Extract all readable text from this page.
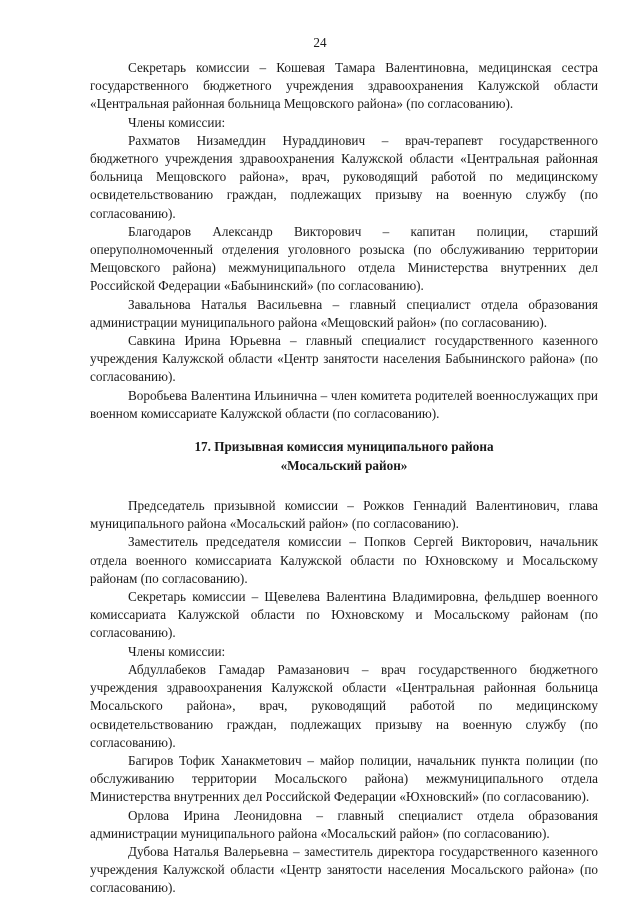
24

Секретарь комиссии – Кошевая Тамара Валентиновна, медицинская сестра государственного бюджетного учреждения здравоохранения Калужской области «Центральная районная больница Мещовского района» (по согласованию).

Члены комиссии:

Рахматов Низамеддин Нураддинович – врач-терапевт государственного бюджетного учреждения здравоохранения Калужской области «Центральная районная больница Мещовского района», врач, руководящий работой по медицинскому освидетельствованию граждан, подлежащих призыву на военную службу (по согласованию).

Благодаров Александр Викторович – капитан полиции, старший оперуполномоченный отделения уголовного розыска (по обслуживанию территории Мещовского района) межмуниципального отдела Министерства внутренних дел Российской Федерации «Бабынинский» (по согласованию).

Завальнова Наталья Васильевна – главный специалист отдела образования администрации муниципального района «Мещовский район» (по согласованию).

Савкина Ирина Юрьевна – главный специалист государственного казенного учреждения Калужской области «Центр занятости населения Бабынинского района» (по согласованию).

Воробьева Валентина Ильинична – член комитета родителей военнослужащих при военном комиссариате Калужской области (по согласованию).

17. Призывная комиссия муниципального района

«Мосальский район»

Председатель призывной комиссии – Рожков Геннадий Валентинович, глава муниципального района «Мосальский район» (по согласованию).

Заместитель председателя комиссии – Попков Сергей Викторович, начальник отдела военного комиссариата Калужской области по Юхновскому и Мосальскому районам (по согласованию).

Секретарь комиссии – Щевелева Валентина Владимировна, фельдшер военного комиссариата Калужской области по Юхновскому и Мосальскому районам (по согласованию).

Члены комиссии:

Абдуллабеков Гамадар Рамазанович – врач государственного бюджетного учреждения здравоохранения Калужской области «Центральная районная больница Мосальского района», врач, руководящий работой по медицинскому освидетельствованию граждан, подлежащих призыву на военную службу (по согласованию).

Багиров Тофик Ханакметович – майор полиции, начальник пункта полиции (по обслуживанию территории Мосальского района) межмуниципального отдела Министерства внутренних дел Российской Федерации «Юхновский» (по согласованию).

Орлова Ирина Леонидовна – главный специалист отдела образования администрации муниципального района «Мосальский район» (по согласованию).

Дубова Наталья Валерьевна – заместитель директора государственного казенного учреждения Калужской области «Центр занятости населения Мосальского района» (по согласованию).
